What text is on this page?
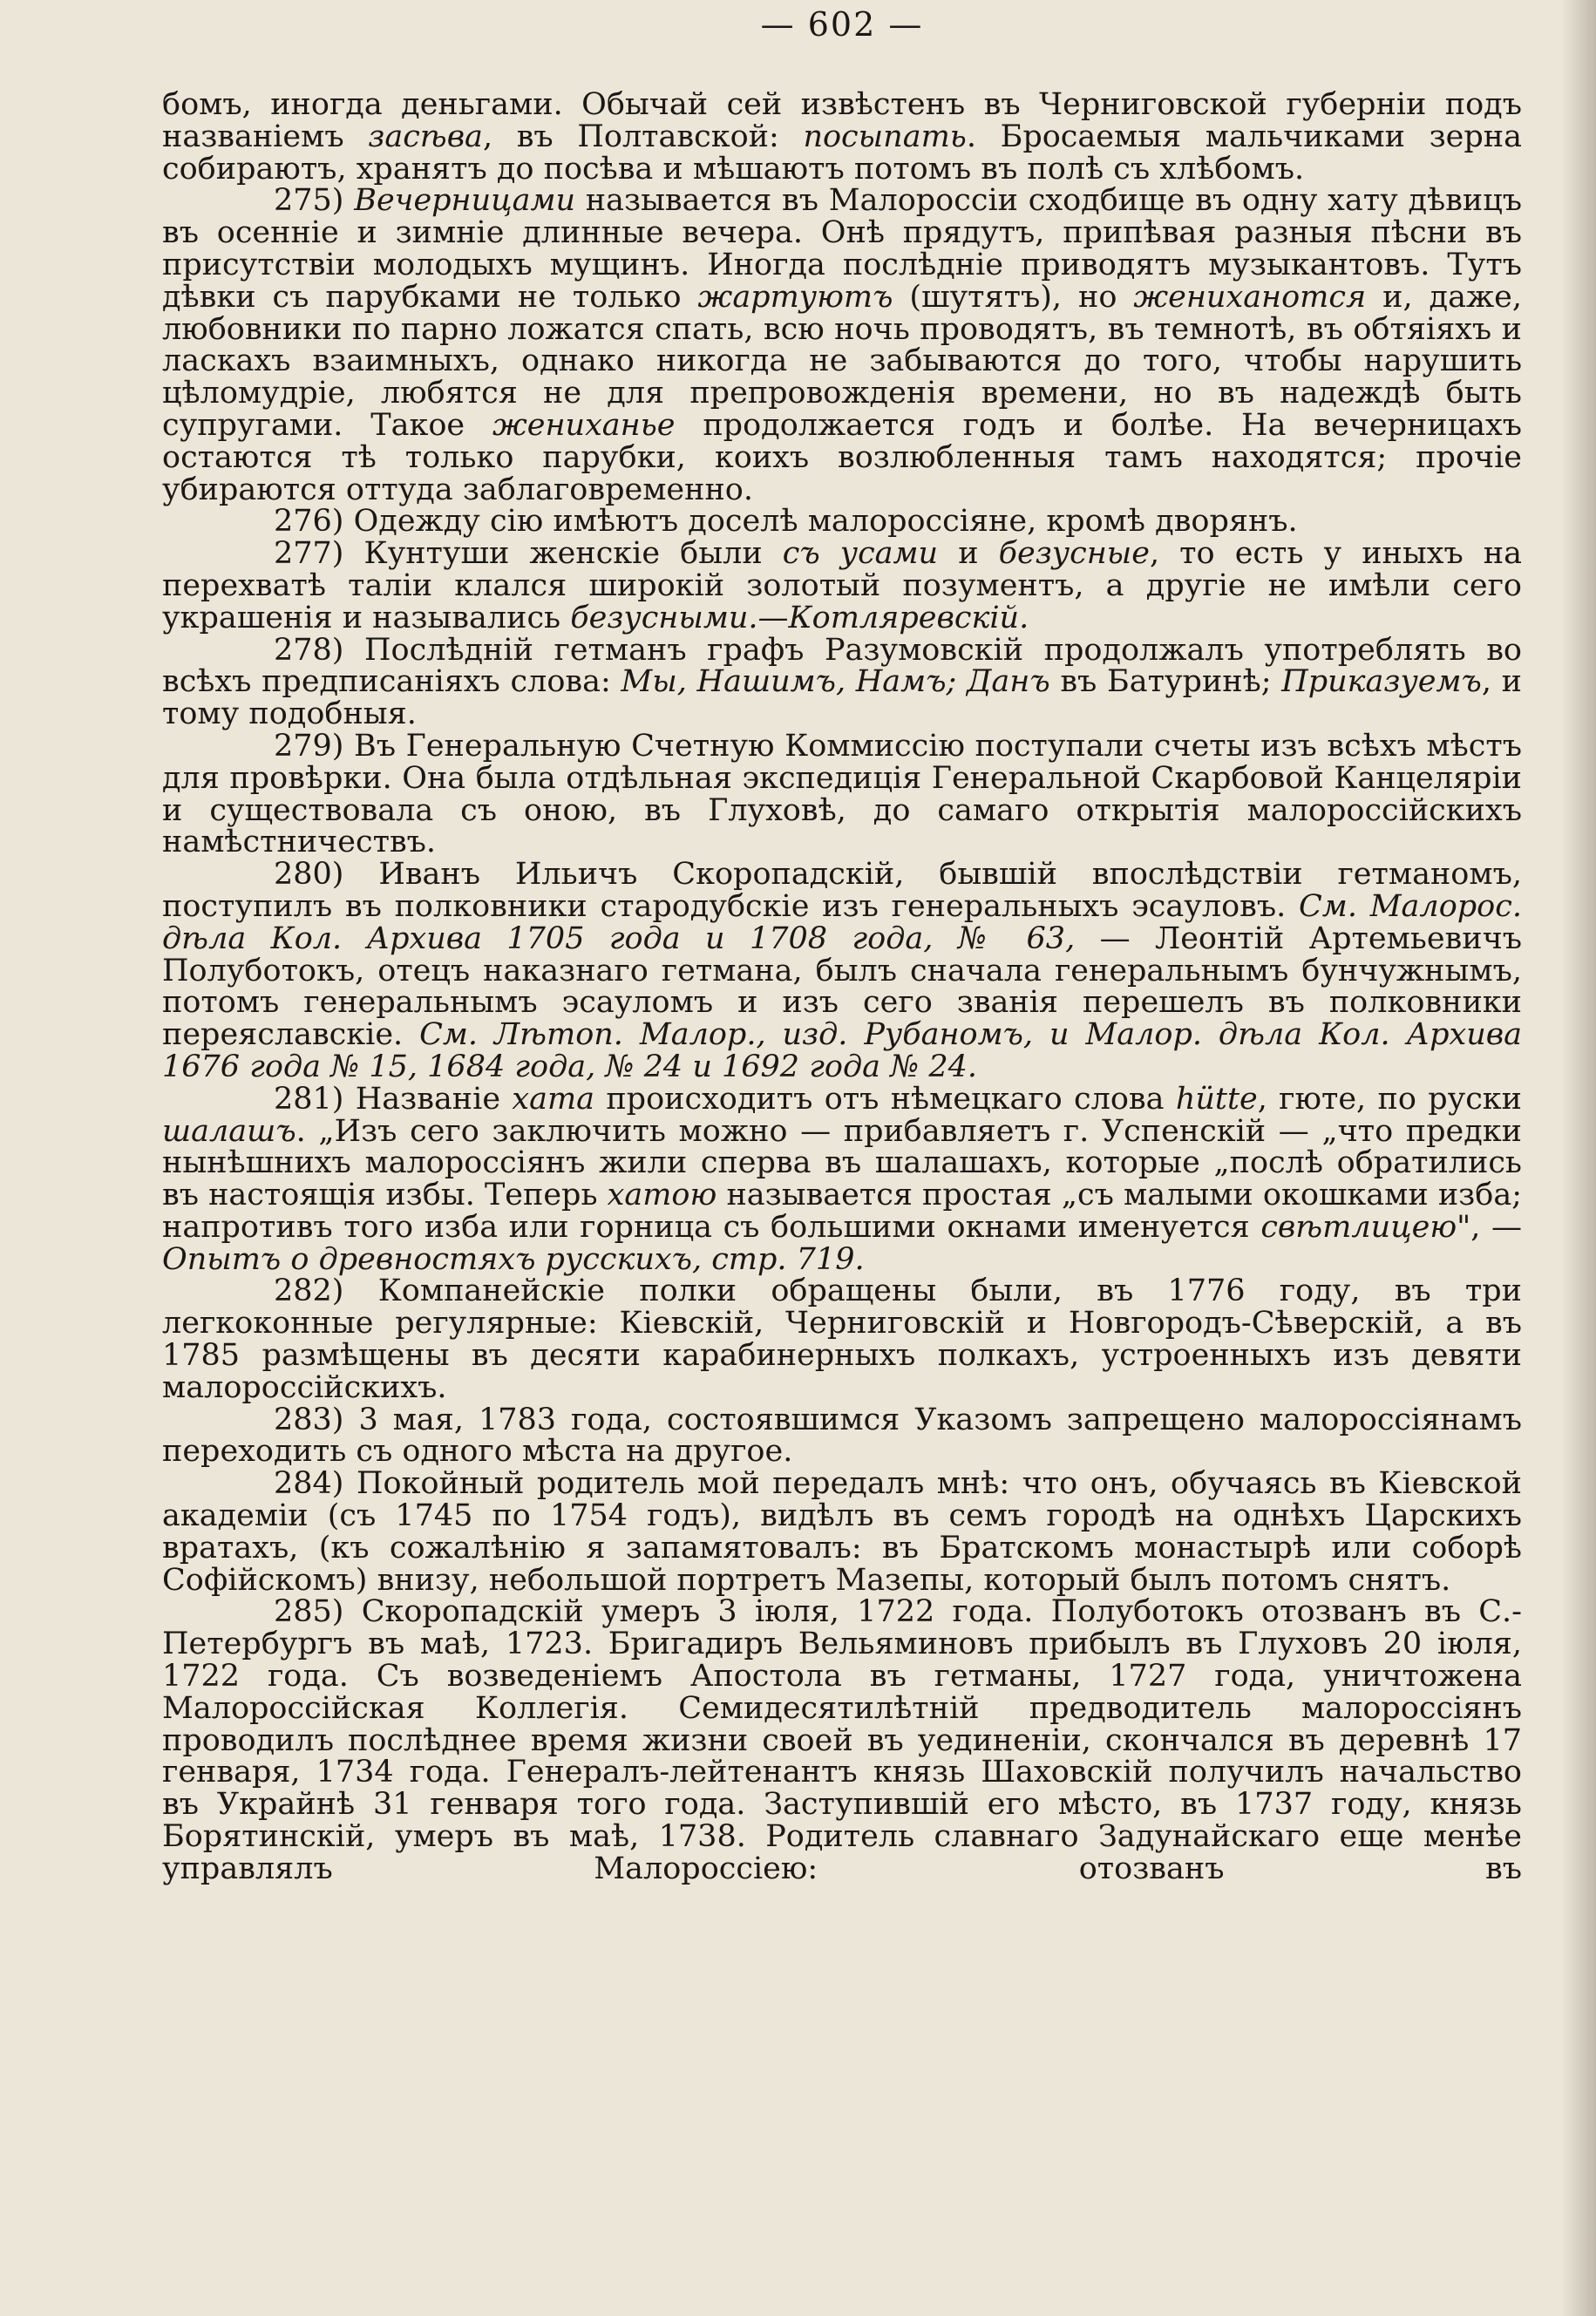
— 602 —

бомъ, иногда деньгами. Обычай сей извѣстенъ въ Черниговской губерніи подъ названіемъ засѣва, въ Полтавской: посыпать. Бросаемыя мальчиками зерна собираютъ, хранятъ до посѣва и мѣшаютъ потомъ въ полѣ съ хлѣбомъ.

275) Вечерницами называется въ Малороссіи сходбище въ одну хату дѣвицъ въ осенніе и зимніе длинные вечера. Онѣ прядутъ, припѣвая разныя пѣсни въ присутствіи молодыхъ мущинъ. Иногда послѣдніе приводятъ музыкантовъ. Тутъ дѣвки съ парубками не только жартуютъ (шутятъ), но жениханотся и, даже, любовники по парно ложатся спать, всю ночь проводятъ, въ темнотѣ, въ обтяіяхъ и ласкахъ взаимныхъ, однако никогда не забываются до того, чтобы нарушить цѣломудріе, любятся не для препровожденія времени, но въ надеждѣ быть супругами. Такое жениханье продолжается годъ и болѣе. На вечерницахъ остаются тѣ только парубки, коихъ возлюбленныя тамъ находятся; прочіе убираются оттуда заблаговременно.

276) Одежду сію имѣютъ доселѣ малороссіяне, кромѣ дворянъ.

277) Кунтуши женскіе были съ усами и безусные, то есть у иныхъ на перехватѣ таліи клался широкій золотый позументъ, а другіе не имѣли сего украшенія и назывались безусными.—Котляревскій.

278) Послѣдній гетманъ графъ Разумовскій продолжалъ употреблять во всѣхъ предписаніяхъ слова: Мы, Нашимъ, Намъ; Данъ въ Батуринѣ; Приказуемъ, и тому подобныя.

279) Въ Генеральную Счетную Коммиссію поступали счеты изъ всѣхъ мѣстъ для провѣрки. Она была отдѣльная экспедиція Генеральной Скарбовой Канцеляріи и существовала съ оною, въ Глуховѣ, до самаго открытія малороссійскихъ намѣстничествъ.

280) Иванъ Ильичъ Скоропадскій, бывшій впослѣдствіи гетманомъ, поступилъ въ полковники стародубскіе изъ генеральныхъ эсауловъ. См. Малорос. дѣла Кол. Архива 1705 года и 1708 года, № 63, — Леонтій Артемьевичъ Полуботокъ, отецъ наказнаго гетмана, былъ сначала генеральнымъ бунчужнымъ, потомъ генеральнымъ эсауломъ и изъ сего званія перешелъ въ полковники переяславскіе. См. Лѣтоп. Малор., изд. Рубаномъ, и Малор. дѣла Кол. Архива 1676 года № 15, 1684 года, № 24 и 1692 года № 24.

281) Названіе хата происходитъ отъ нѣмецкаго слова hütte, гюте, по руски шалашъ. „Изъ сего заключить можно — прибавляетъ г. Успенскій — „что предки нынѣшнихъ малороссіянъ жили сперва въ шалашахъ, которые „послѣ обратились въ настоящія избы. Теперь хатою называется простая „съ малыми окошками изба; напротивъ того изба или горница съ большими окнами именуется свѣтлицею", — Опытъ о древностяхъ русскихъ, стр. 719.

282) Компанейскіе полки обращены были, въ 1776 году, въ три легкоконные регулярные: Кіевскій, Черниговскій и Новгородъ-Сѣверскій, а въ 1785 размѣщены въ десяти карабинерныхъ полкахъ, устроенныхъ изъ девяти малороссійскихъ.

283) 3 мая, 1783 года, состоявшимся Указомъ запрещено малороссіянамъ переходить съ одного мѣста на другое.

284) Покойный родитель мой передалъ мнѣ: что онъ, обучаясь въ Кіевской академіи (съ 1745 по 1754 годъ), видѣлъ въ семъ городѣ на однѣхъ Царскихъ вратахъ, (къ сожалѣнію я запамятовалъ: въ Братскомъ монастырѣ или соборѣ Софійскомъ) внизу, небольшой портретъ Мазепы, который былъ потомъ снятъ.

285) Скоропадскій умеръ 3 іюля, 1722 года. Полуботокъ отозванъ въ С.-Петербургъ въ маѣ, 1723. Бригадиръ Вельяминовъ прибылъ въ Глуховъ 20 іюля, 1722 года. Съ возведеніемъ Апостола въ гетманы, 1727 года, уничтожена Малороссійская Коллегія. Семидесятилѣтній предводитель малороссіянъ проводилъ послѣднее время жизни своей въ уединеніи, скончался въ деревнѣ 17 генваря, 1734 года. Генералъ-лейтенантъ князь Шаховскій получилъ начальство въ Украйнѣ 31 генваря того года. Заступившій его мѣсто, въ 1737 году, князь Борятинскій, умеръ въ маѣ, 1738. Родитель славнаго Задунайскаго еще менѣе управлялъ Малороссіею: отозванъ въ
